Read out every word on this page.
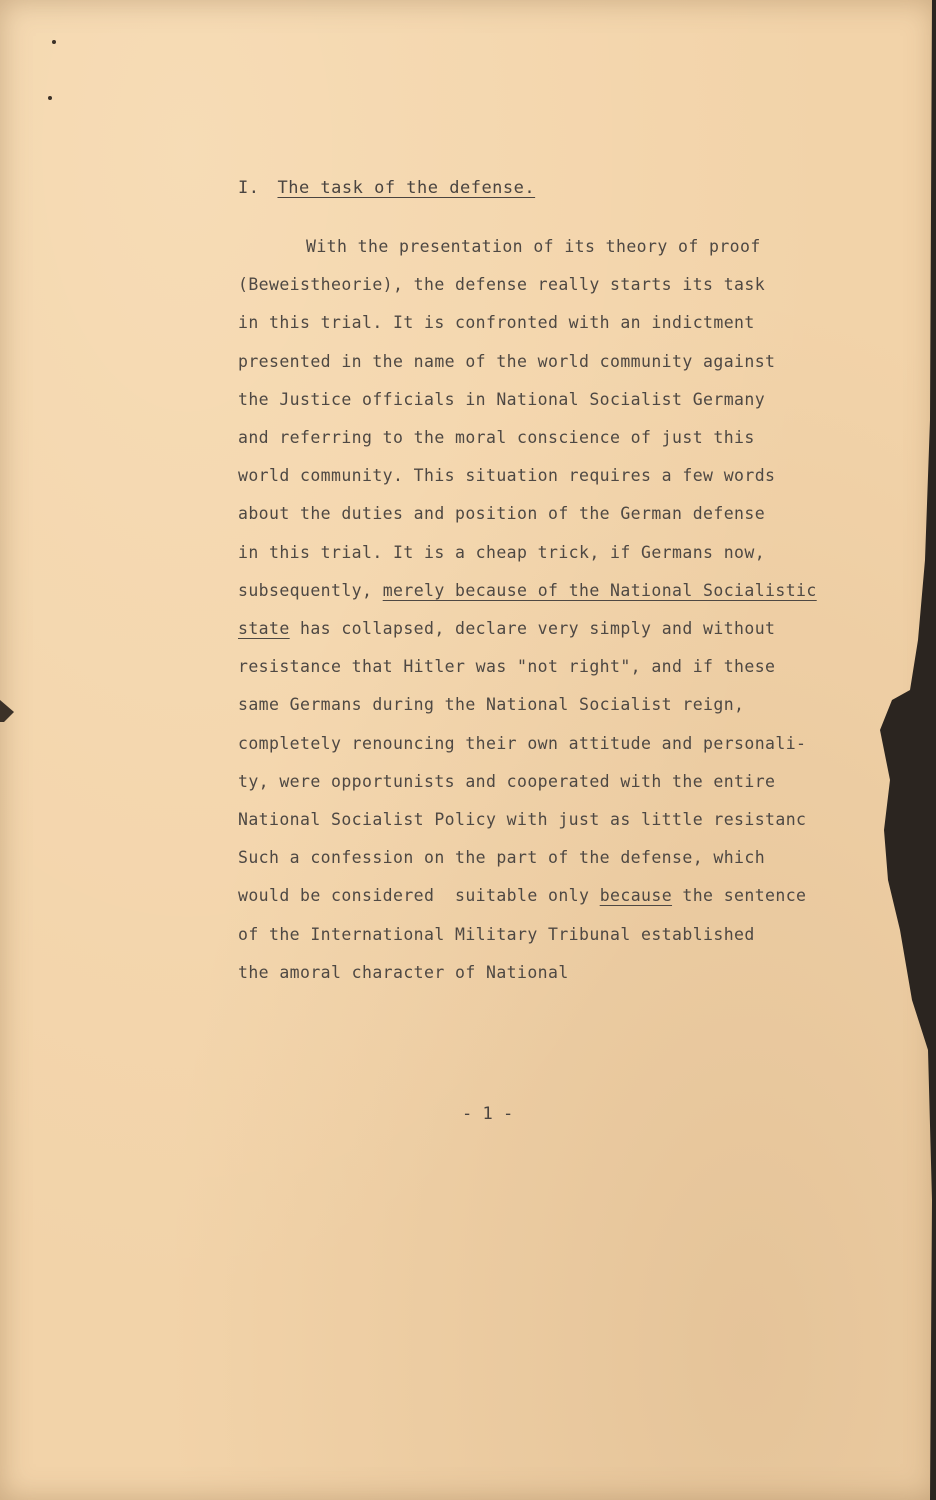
I. The task of the defense.
With the presentation of its theory of proof
(Beweistheorie), the defense really starts its task
in this trial. It is confronted with an indictment
presented in the name of the world community against
the Justice officials in National Socialist Germany
and referring to the moral conscience of just this
world community. This situation requires a few words
about the duties and position of the German defense
in this trial. It is a cheap trick, if Germans now,
subsequently, merely because of the National Socialistic
state has collapsed, declare very simply and without
resistance that Hitler was "not right", and if these
same Germans during the National Socialist reign,
completely renouncing their own attitude and personali-
ty, were opportunists and cooperated with the entire
National Socialist Policy with just as little resistanc
Such a confession on the part of the defense, which
would be considered  suitable only because the sentence
of the International Military Tribunal established
the amoral character of National
- 1 -
